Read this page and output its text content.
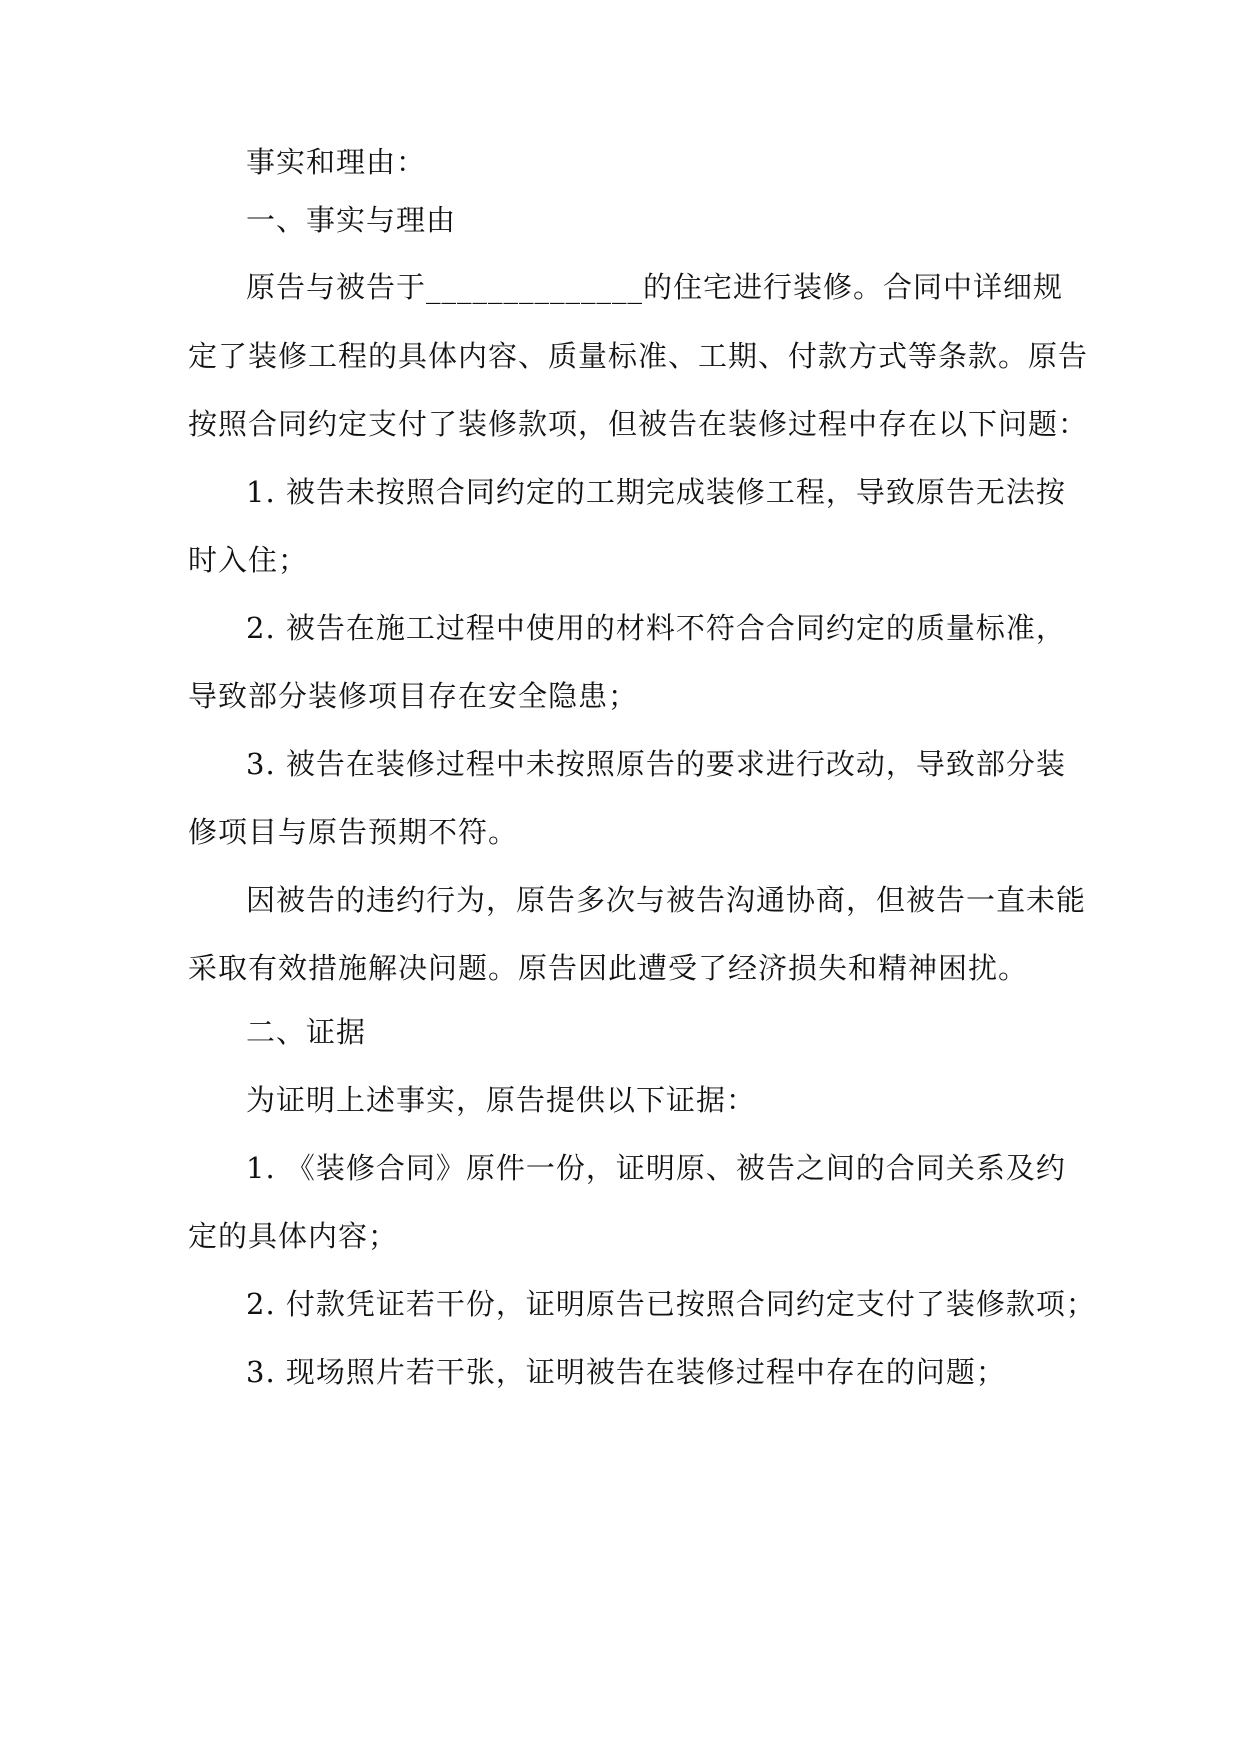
事实和理由：
一、事实与理由
原告与被告于______________的住宅进行装修。合同中详细规
定了装修工程的具体内容、质量标准、工期、付款方式等条款。原告
按照合同约定支付了装修款项，但被告在装修过程中存在以下问题：
1. 被告未按照合同约定的工期完成装修工程，导致原告无法按
时入住；
2. 被告在施工过程中使用的材料不符合合同约定的质量标准，
导致部分装修项目存在安全隐患；
3. 被告在装修过程中未按照原告的要求进行改动，导致部分装
修项目与原告预期不符。
因被告的违约行为，原告多次与被告沟通协商，但被告一直未能
采取有效措施解决问题。原告因此遭受了经济损失和精神困扰。
二、证据
为证明上述事实，原告提供以下证据：
1. 《装修合同》原件一份，证明原、被告之间的合同关系及约
定的具体内容；
2. 付款凭证若干份，证明原告已按照合同约定支付了装修款项；
3. 现场照片若干张，证明被告在装修过程中存在的问题；
